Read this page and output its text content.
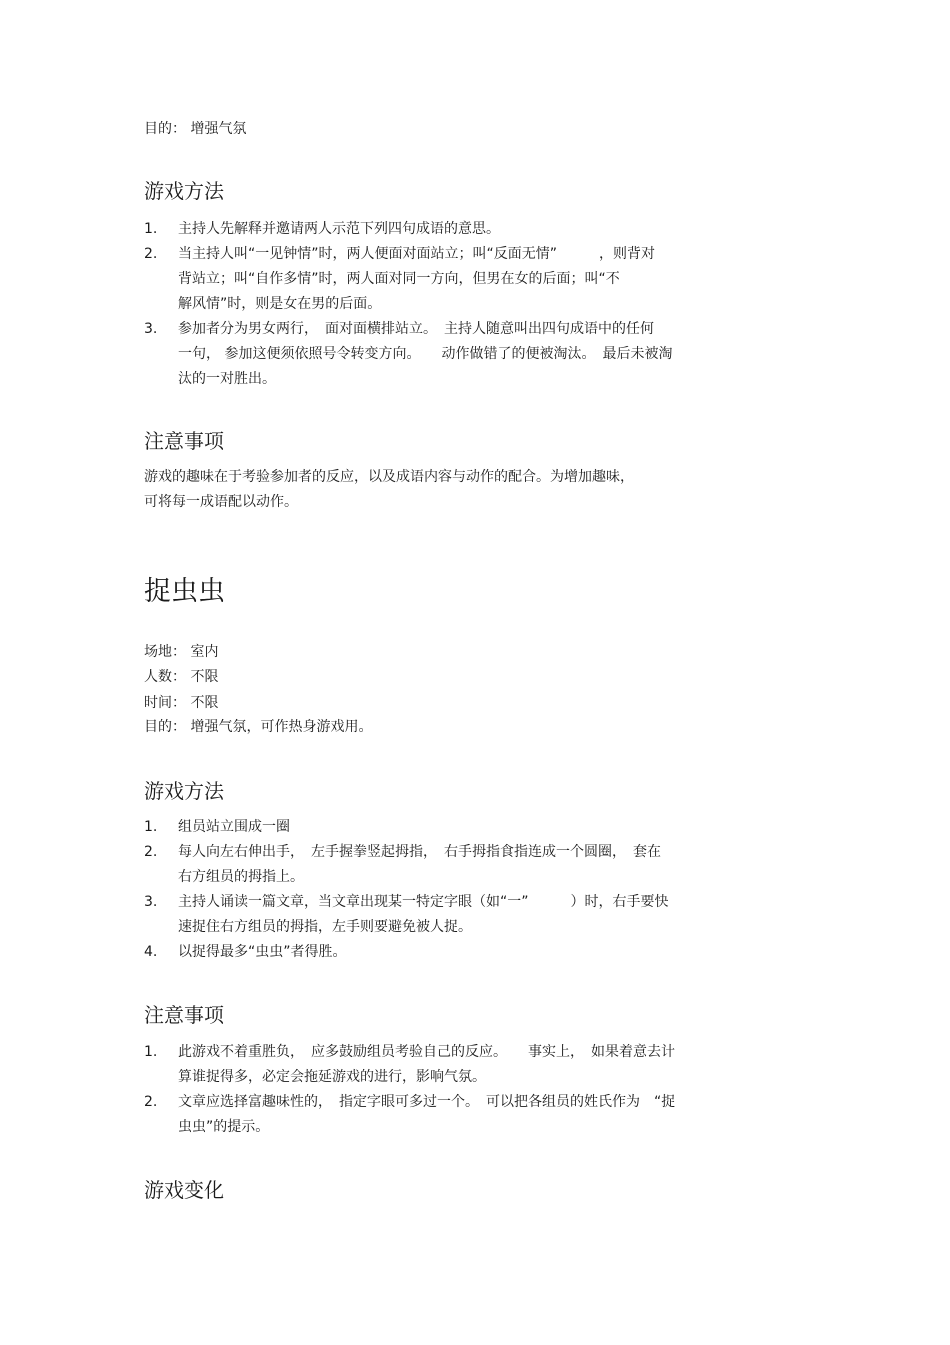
目的： 增强气氛
游戏方法
1. 主持人先解释并邀请两人示范下列四句成语的意思。
2. 当主持人叫“一见钟情”时，两人便面对面站立；叫“反面无情”　　　，则背对
背站立；叫“自作多情”时，两人面对同一方向，但男在女的后面；叫“不
解风情”时，则是女在男的后面。
3. 参加者分为男女两行，　面对面横排站立。　主持人随意叫出四句成语中的任何
一句， 参加这便须依照号令转变方向。　　动作做错了的便被淘汰。　最后未被淘
汰的一对胜出。
注意事项
游戏的趣味在于考验参加者的反应，以及成语内容与动作的配合。为增加趣味，
可将每一成语配以动作。
捉虫虫
场地： 室内
人数： 不限
时间： 不限
目的： 增强气氛，可作热身游戏用。
游戏方法
1. 组员站立围成一圈
2. 每人向左右伸出手，　左手握拳竖起拇指，　右手拇指食指连成一个圆圈，　套在
右方组员的拇指上。
3. 主持人诵读一篇文章，当文章出现某一特定字眼（如“一”　　　）时，右手要快
速捉住右方组员的拇指，左手则要避免被人捉。
4. 以捉得最多“虫虫”者得胜。
注意事项
1. 此游戏不着重胜负，　应多鼓励组员考验自己的反应。　　事实上，　如果着意去计
算谁捉得多，必定会拖延游戏的进行，影响气氛。
2. 文章应选择富趣味性的，　指定字眼可多过一个。　可以把各组员的姓氏作为　“捉
虫虫”的提示。
游戏变化
